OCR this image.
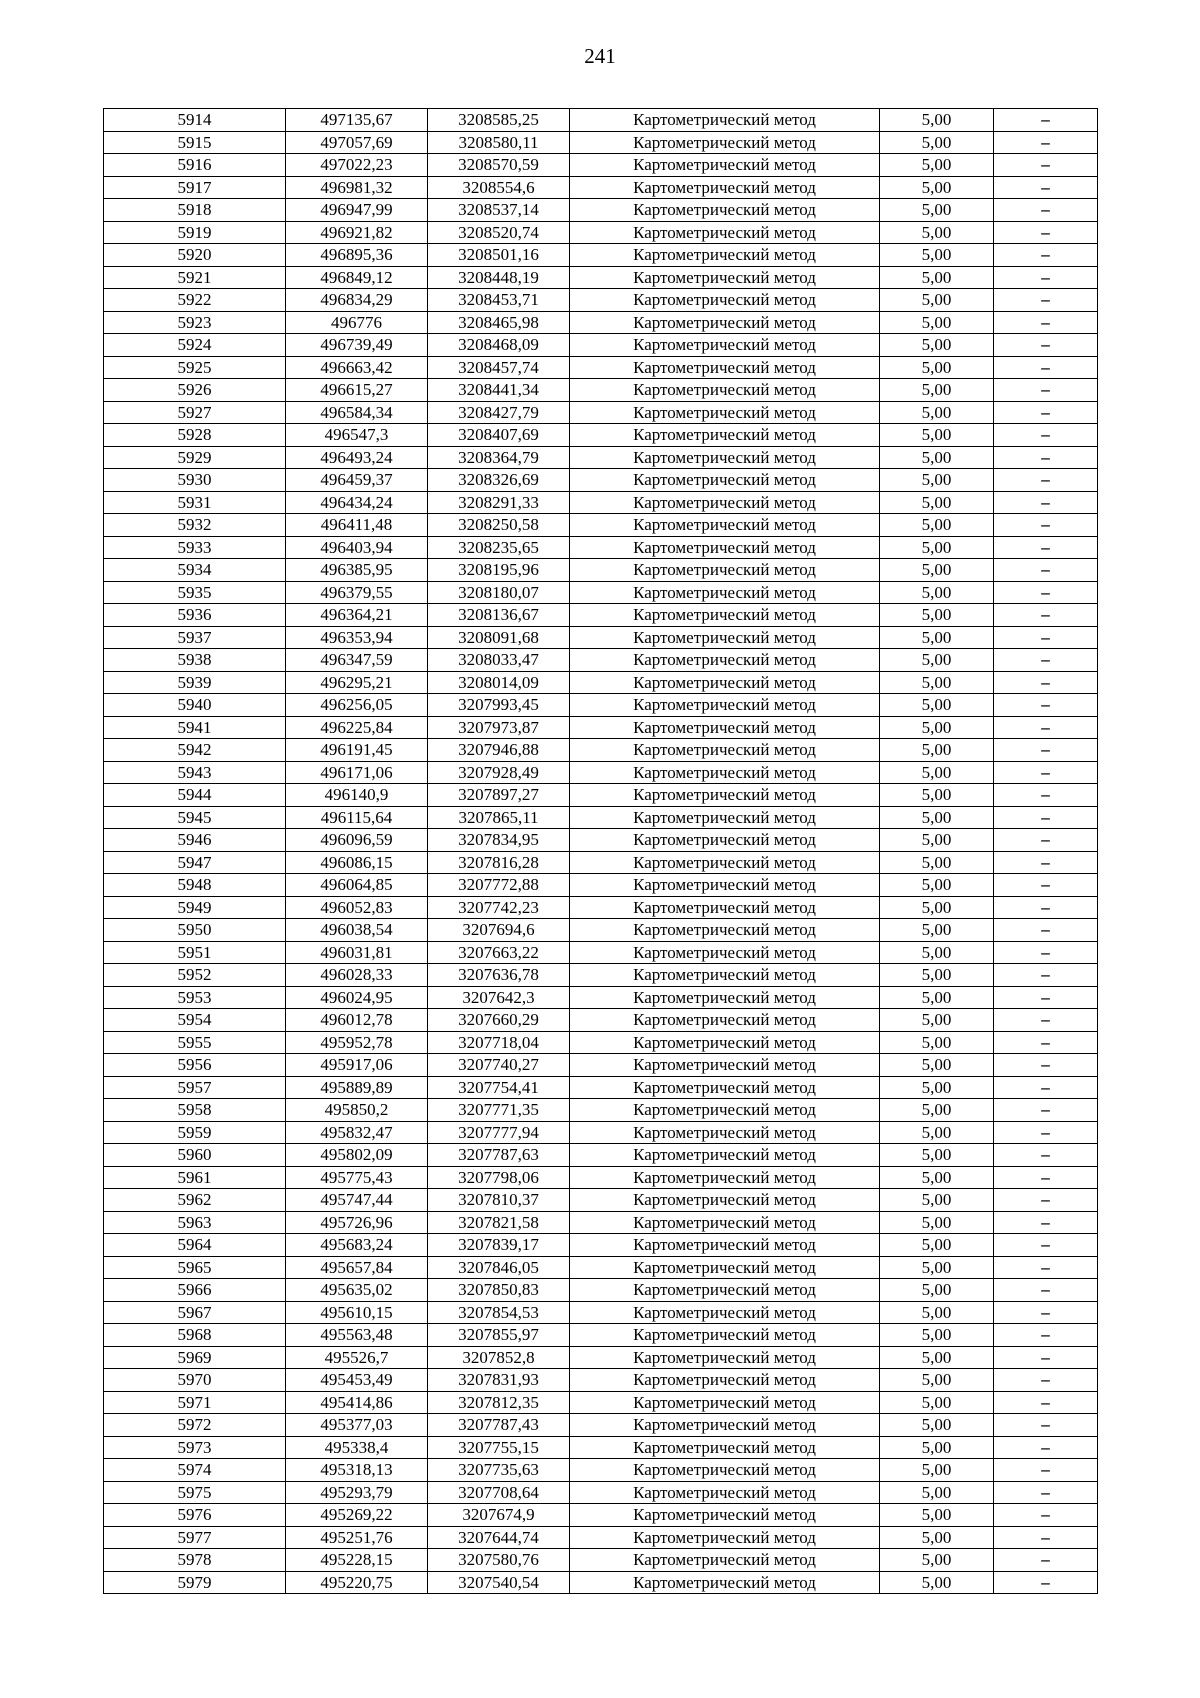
241
5914	497135,67	3208585,25	Картометрический метод	5,00	–
5915	497057,69	3208580,11	Картометрический метод	5,00	–
5916	497022,23	3208570,59	Картометрический метод	5,00	–
5917	496981,32	3208554,6	Картометрический метод	5,00	–
5918	496947,99	3208537,14	Картометрический метод	5,00	–
5919	496921,82	3208520,74	Картометрический метод	5,00	–
5920	496895,36	3208501,16	Картометрический метод	5,00	–
5921	496849,12	3208448,19	Картометрический метод	5,00	–
5922	496834,29	3208453,71	Картометрический метод	5,00	–
5923	496776	3208465,98	Картометрический метод	5,00	–
5924	496739,49	3208468,09	Картометрический метод	5,00	–
5925	496663,42	3208457,74	Картометрический метод	5,00	–
5926	496615,27	3208441,34	Картометрический метод	5,00	–
5927	496584,34	3208427,79	Картометрический метод	5,00	–
5928	496547,3	3208407,69	Картометрический метод	5,00	–
5929	496493,24	3208364,79	Картометрический метод	5,00	–
5930	496459,37	3208326,69	Картометрический метод	5,00	–
5931	496434,24	3208291,33	Картометрический метод	5,00	–
5932	496411,48	3208250,58	Картометрический метод	5,00	–
5933	496403,94	3208235,65	Картометрический метод	5,00	–
5934	496385,95	3208195,96	Картометрический метод	5,00	–
5935	496379,55	3208180,07	Картометрический метод	5,00	–
5936	496364,21	3208136,67	Картометрический метод	5,00	–
5937	496353,94	3208091,68	Картометрический метод	5,00	–
5938	496347,59	3208033,47	Картометрический метод	5,00	–
5939	496295,21	3208014,09	Картометрический метод	5,00	–
5940	496256,05	3207993,45	Картометрический метод	5,00	–
5941	496225,84	3207973,87	Картометрический метод	5,00	–
5942	496191,45	3207946,88	Картометрический метод	5,00	–
5943	496171,06	3207928,49	Картометрический метод	5,00	–
5944	496140,9	3207897,27	Картометрический метод	5,00	–
5945	496115,64	3207865,11	Картометрический метод	5,00	–
5946	496096,59	3207834,95	Картометрический метод	5,00	–
5947	496086,15	3207816,28	Картометрический метод	5,00	–
5948	496064,85	3207772,88	Картометрический метод	5,00	–
5949	496052,83	3207742,23	Картометрический метод	5,00	–
5950	496038,54	3207694,6	Картометрический метод	5,00	–
5951	496031,81	3207663,22	Картометрический метод	5,00	–
5952	496028,33	3207636,78	Картометрический метод	5,00	–
5953	496024,95	3207642,3	Картометрический метод	5,00	–
5954	496012,78	3207660,29	Картометрический метод	5,00	–
5955	495952,78	3207718,04	Картометрический метод	5,00	–
5956	495917,06	3207740,27	Картометрический метод	5,00	–
5957	495889,89	3207754,41	Картометрический метод	5,00	–
5958	495850,2	3207771,35	Картометрический метод	5,00	–
5959	495832,47	3207777,94	Картометрический метод	5,00	–
5960	495802,09	3207787,63	Картометрический метод	5,00	–
5961	495775,43	3207798,06	Картометрический метод	5,00	–
5962	495747,44	3207810,37	Картометрический метод	5,00	–
5963	495726,96	3207821,58	Картометрический метод	5,00	–
5964	495683,24	3207839,17	Картометрический метод	5,00	–
5965	495657,84	3207846,05	Картометрический метод	5,00	–
5966	495635,02	3207850,83	Картометрический метод	5,00	–
5967	495610,15	3207854,53	Картометрический метод	5,00	–
5968	495563,48	3207855,97	Картометрический метод	5,00	–
5969	495526,7	3207852,8	Картометрический метод	5,00	–
5970	495453,49	3207831,93	Картометрический метод	5,00	–
5971	495414,86	3207812,35	Картометрический метод	5,00	–
5972	495377,03	3207787,43	Картометрический метод	5,00	–
5973	495338,4	3207755,15	Картометрический метод	5,00	–
5974	495318,13	3207735,63	Картометрический метод	5,00	–
5975	495293,79	3207708,64	Картометрический метод	5,00	–
5976	495269,22	3207674,9	Картометрический метод	5,00	–
5977	495251,76	3207644,74	Картометрический метод	5,00	–
5978	495228,15	3207580,76	Картометрический метод	5,00	–
5979	495220,75	3207540,54	Картометрический метод	5,00	–
